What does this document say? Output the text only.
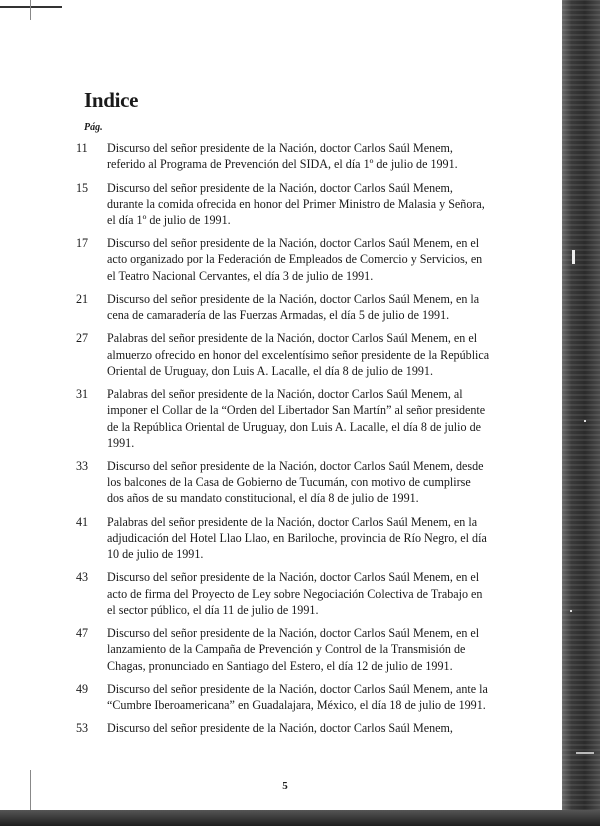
Indice
Pág.
11	Discurso del señor presidente de la Nación, doctor Carlos Saúl Menem, referido al Programa de Prevención del SIDA, el día 1º de julio de 1991.
15	Discurso del señor presidente de la Nación, doctor Carlos Saúl Menem, durante la comida ofrecida en honor del Primer Ministro de Malasia y Señora, el día 1º de julio de 1991.
17	Discurso del señor presidente de la Nación, doctor Carlos Saúl Menem, en el acto organizado por la Federación de Empleados de Comercio y Servicios, en el Teatro Nacional Cervantes, el día 3 de julio de 1991.
21	Discurso del señor presidente de la Nación, doctor Carlos Saúl Menem, en la cena de camaradería de las Fuerzas Armadas, el día 5 de julio de 1991.
27	Palabras del señor presidente de la Nación, doctor Carlos Saúl Menem, en el almuerzo ofrecido en honor del excelentísimo señor presidente de la República Oriental de Uruguay, don Luis A. Lacalle, el día 8 de julio de 1991.
31	Palabras del señor presidente de la Nación, doctor Carlos Saúl Menem, al imponer el Collar de la “Orden del Libertador San Martín” al señor presidente de la República Oriental de Uruguay, don Luis A. Lacalle, el día 8 de julio de 1991.
33	Discurso del señor presidente de la Nación, doctor Carlos Saúl Menem, desde los balcones de la Casa de Gobierno de Tucumán, con motivo de cumplirse dos años de su mandato constitucional, el día 8 de julio de 1991.
41	Palabras del señor presidente de la Nación, doctor Carlos Saúl Menem, en la adjudicación del Hotel Llao Llao, en Bariloche, provincia de Río Negro, el día 10 de julio de 1991.
43	Discurso del señor presidente de la Nación, doctor Carlos Saúl Menem, en el acto de firma del Proyecto de Ley sobre Negociación Colectiva de Trabajo en el sector público, el día 11 de julio de 1991.
47	Discurso del señor presidente de la Nación, doctor Carlos Saúl Menem, en el lanzamiento de la Campaña de Prevención y Control de la Transmisión de Chagas, pronunciado en Santiago del Estero, el día 12 de julio de 1991.
49	Discurso del señor presidente de la Nación, doctor Carlos Saúl Menem, ante la “Cumbre Iberoamericana” en Guadalajara, México, el día 18 de julio de 1991.
53	Discurso del señor presidente de la Nación, doctor Carlos Saúl Menem,
5
